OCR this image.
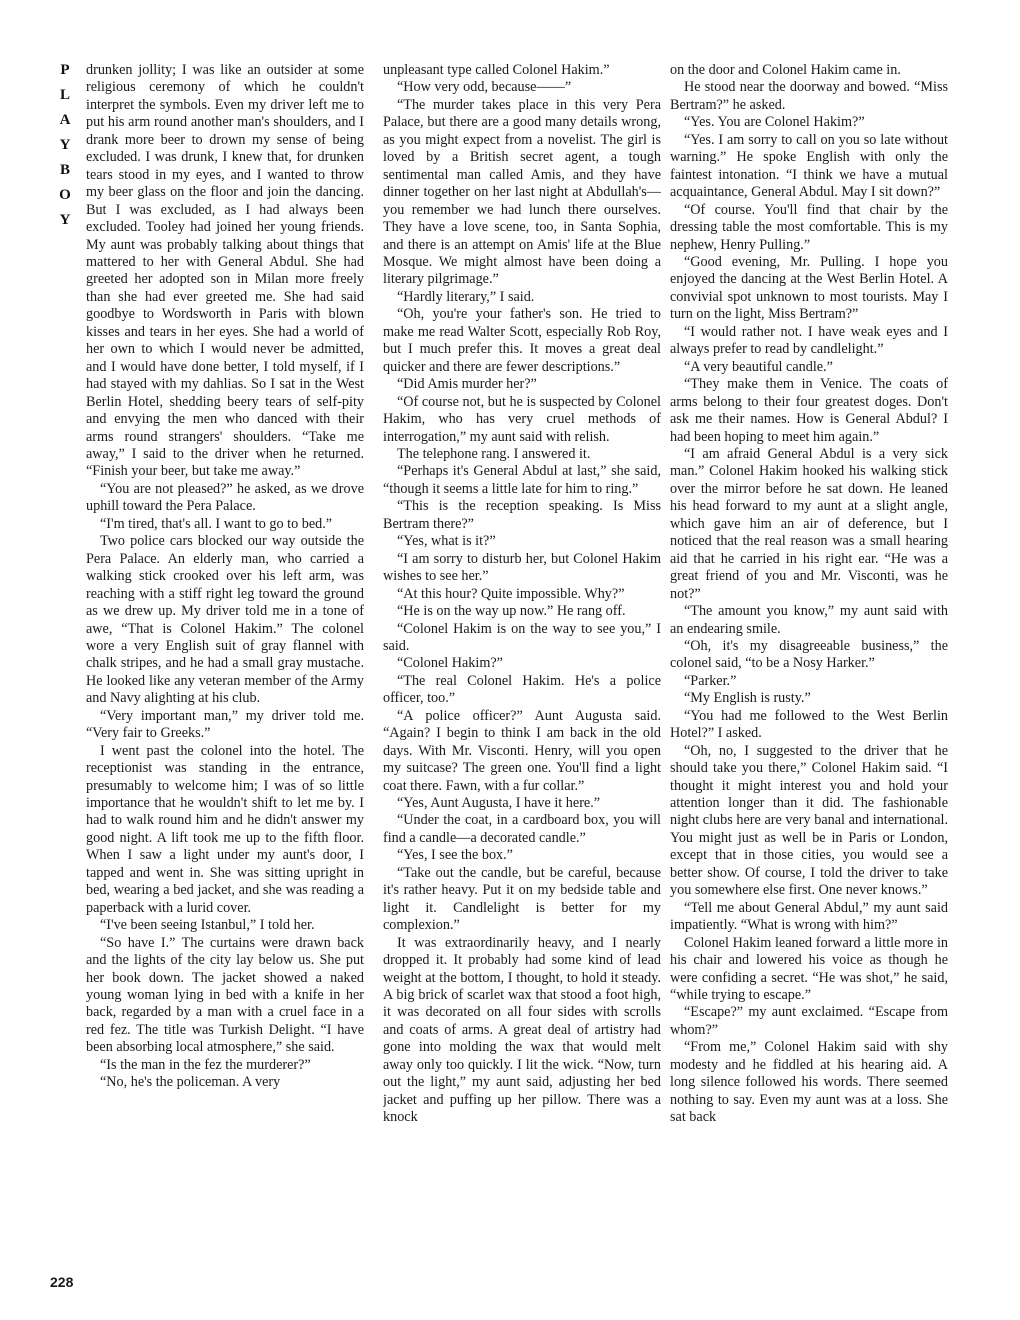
P
L
A
Y
B
O
Y
228

drunken jollity; I was like an outsider at some religious ceremony of which he couldn't interpret the symbols. Even my driver left me to put his arm round another man's shoulders, and I drank more beer to drown my sense of being excluded. I was drunk, I knew that, for drunken tears stood in my eyes, and I wanted to throw my beer glass on the floor and join the dancing. But I was excluded, as I had always been excluded. Tooley had joined her young friends. My aunt was probably talking about things that mattered to her with General Abdul. She had greeted her adopted son in Milan more freely than she had ever greeted me. She had said goodbye to Wordsworth in Paris with blown kisses and tears in her eyes. She had a world of her own to which I would never be admitted, and I would have done better, I told myself, if I had stayed with my dahlias. So I sat in the West Berlin Hotel, shedding beery tears of self-pity and envying the men who danced with their arms round strangers' shoulders. “Take me away,” I said to the driver when he returned. “Finish your beer, but take me away.”

“You are not pleased?” he asked, as we drove uphill toward the Pera Palace.

“I'm tired, that's all. I want to go to bed.”

Two police cars blocked our way outside the Pera Palace. An elderly man, who carried a walking stick crooked over his left arm, was reaching with a stiff right leg toward the ground as we drew up. My driver told me in a tone of awe, “That is Colonel Hakim.” The colonel wore a very English suit of gray flannel with chalk stripes, and he had a small gray mustache. He looked like any veteran member of the Army and Navy alighting at his club.

“Very important man,” my driver told me. “Very fair to Greeks.”

I went past the colonel into the hotel. The receptionist was standing in the entrance, presumably to welcome him; I was of so little importance that he wouldn't shift to let me by. I had to walk round him and he didn't answer my good night. A lift took me up to the fifth floor. When I saw a light under my aunt's door, I tapped and went in. She was sitting upright in bed, wearing a bed jacket, and she was reading a paperback with a lurid cover.

“I've been seeing Istanbul,” I told her.

“So have I.” The curtains were drawn back and the lights of the city lay below us. She put her book down. The jacket showed a naked young woman lying in bed with a knife in her back, regarded by a man with a cruel face in a red fez. The title was Turkish Delight. “I have been absorbing local atmosphere,” she said.

“Is the man in the fez the murderer?”

“No, he's the policeman. A very

unpleasant type called Colonel Hakim.”

“How very odd, because——”

“The murder takes place in this very Pera Palace, but there are a good many details wrong, as you might expect from a novelist. The girl is loved by a British secret agent, a tough sentimental man called Amis, and they have dinner together on her last night at Abdullah's—you remember we had lunch there ourselves. They have a love scene, too, in Santa Sophia, and there is an attempt on Amis' life at the Blue Mosque. We might almost have been doing a literary pilgrimage.”

“Hardly literary,” I said.

“Oh, you're your father's son. He tried to make me read Walter Scott, especially Rob Roy, but I much prefer this. It moves a great deal quicker and there are fewer descriptions.”

“Did Amis murder her?”

“Of course not, but he is suspected by Colonel Hakim, who has very cruel methods of interrogation,” my aunt said with relish.

The telephone rang. I answered it.

“Perhaps it's General Abdul at last,” she said, “though it seems a little late for him to ring.”

“This is the reception speaking. Is Miss Bertram there?”

“Yes, what is it?”

“I am sorry to disturb her, but Colonel Hakim wishes to see her.”

“At this hour? Quite impossible. Why?”

“He is on the way up now.” He rang off.

“Colonel Hakim is on the way to see you,” I said.

“Colonel Hakim?”

“The real Colonel Hakim. He's a police officer, too.”

“A police officer?” Aunt Augusta said. “Again? I begin to think I am back in the old days. With Mr. Visconti. Henry, will you open my suitcase? The green one. You'll find a light coat there. Fawn, with a fur collar.”

“Yes, Aunt Augusta, I have it here.”

“Under the coat, in a cardboard box, you will find a candle—a decorated candle.”

“Yes, I see the box.”

“Take out the candle, but be careful, because it's rather heavy. Put it on my bedside table and light it. Candlelight is better for my complexion.”

It was extraordinarily heavy, and I nearly dropped it. It probably had some kind of lead weight at the bottom, I thought, to hold it steady. A big brick of scarlet wax that stood a foot high, it was decorated on all four sides with scrolls and coats of arms. A great deal of artistry had gone into molding the wax that would melt away only too quickly. I lit the wick. “Now, turn out the light,” my aunt said, adjusting her bed jacket and puffing up her pillow. There was a knock

on the door and Colonel Hakim came in.

He stood near the doorway and bowed. “Miss Bertram?” he asked.

“Yes. You are Colonel Hakim?”

“Yes. I am sorry to call on you so late without warning.” He spoke English with only the faintest intonation. “I think we have a mutual acquaintance, General Abdul. May I sit down?”

“Of course. You'll find that chair by the dressing table the most comfortable. This is my nephew, Henry Pulling.”

“Good evening, Mr. Pulling. I hope you enjoyed the dancing at the West Berlin Hotel. A convivial spot unknown to most tourists. May I turn on the light, Miss Bertram?”

“I would rather not. I have weak eyes and I always prefer to read by candlelight.”

“A very beautiful candle.”

“They make them in Venice. The coats of arms belong to their four greatest doges. Don't ask me their names. How is General Abdul? I had been hoping to meet him again.”

“I am afraid General Abdul is a very sick man.” Colonel Hakim hooked his walking stick over the mirror before he sat down. He leaned his head forward to my aunt at a slight angle, which gave him an air of deference, but I noticed that the real reason was a small hearing aid that he carried in his right ear. “He was a great friend of you and Mr. Visconti, was he not?”

“The amount you know,” my aunt said with an endearing smile.

“Oh, it's my disagreeable business,” the colonel said, “to be a Nosy Harker.”

“Parker.”

“My English is rusty.”

“You had me followed to the West Berlin Hotel?” I asked.

“Oh, no, I suggested to the driver that he should take you there,” Colonel Hakim said. “I thought it might interest you and hold your attention longer than it did. The fashionable night clubs here are very banal and international. You might just as well be in Paris or London, except that in those cities, you would see a better show. Of course, I told the driver to take you somewhere else first. One never knows.”

“Tell me about General Abdul,” my aunt said impatiently. “What is wrong with him?”

Colonel Hakim leaned forward a little more in his chair and lowered his voice as though he were confiding a secret. “He was shot,” he said, “while trying to escape.”

“Escape?” my aunt exclaimed. “Escape from whom?”

“From me,” Colonel Hakim said with shy modesty and he fiddled at his hearing aid. A long silence followed his words. There seemed nothing to say. Even my aunt was at a loss. She sat back
